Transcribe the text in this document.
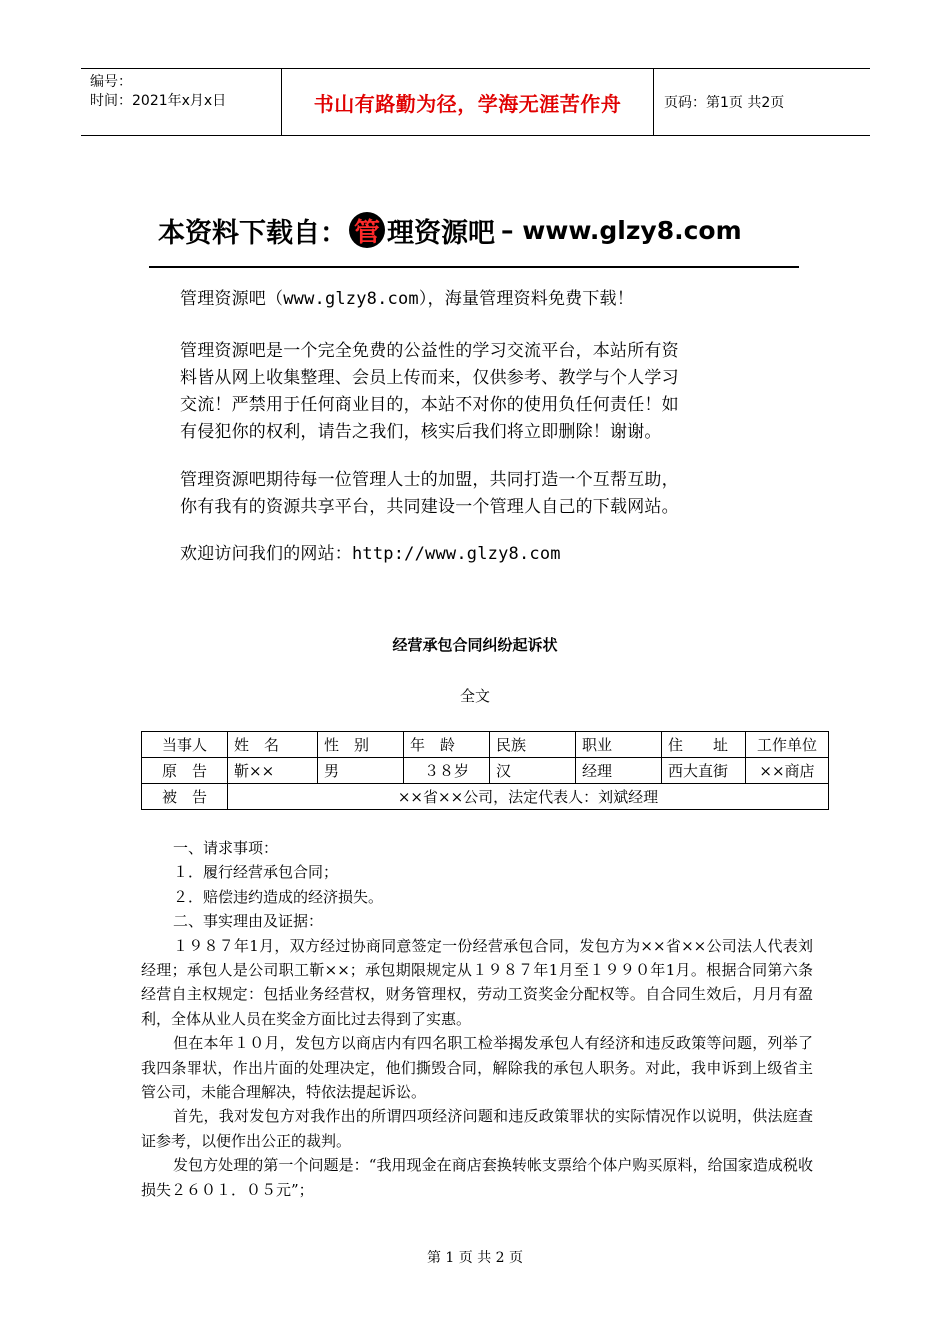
编号：
时间：2021年x月x日	书山有路勤为径，学海无涯苦作舟	页码：第1页 共2页
本资料下载自： 管 理资源吧 – www.glzy8.com
管理资源吧（www.glzy8.com），海量管理资料免费下载！
管理资源吧是一个完全免费的公益性的学习交流平台，本站所有资
料皆从网上收集整理、会员上传而来，仅供参考、教学与个人学习
交流！严禁用于任何商业目的，本站不对你的使用负任何责任！如
有侵犯你的权利，请告之我们，核实后我们将立即删除！谢谢。
管理资源吧期待每一位管理人士的加盟，共同打造一个互帮互助，
你有我有的资源共享平台，共同建设一个管理人自己的下载网站。
欢迎访问我们的网站：http://www.glzy8.com
经营承包合同纠纷起诉状
全文
当事人	姓　名	性　别	年　龄	民族	职业	住　　址	工作单位
原　告	靳××	男	３８岁	汉	经理	西大直街	××商店
被　告	××省××公司，法定代表人：刘斌经理						

一、请求事项：

１．履行经营承包合同；

２．赔偿违约造成的经济损失。

二、事实理由及证据：

１９８７年1月，双方经过协商同意签定一份经营承包合同，发包方为××省××公司法人代表刘经理；承包人是公司职工靳××；承包期限规定从１９８７年1月至１９９０年1月。根据合同第六条经营自主权规定：包括业务经营权，财务管理权，劳动工资奖金分配权等。自合同生效后，月月有盈利，全体从业人员在奖金方面比过去得到了实惠。

但在本年１０月，发包方以商店内有四名职工检举揭发承包人有经济和违反政策等问题，列举了我四条罪状，作出片面的处理决定，他们撕毁合同，解除我的承包人职务。对此，我申诉到上级省主管公司，未能合理解决，特依法提起诉讼。

首先，我对发包方对我作出的所谓四项经济问题和违反政策罪状的实际情况作以说明，供法庭查证参考，以便作出公正的裁判。

发包方处理的第一个问题是：“我用现金在商店套换转帐支票给个体户购买原料，给国家造成税收损失２６０１．０５元”；

第 1 页 共 2 页
